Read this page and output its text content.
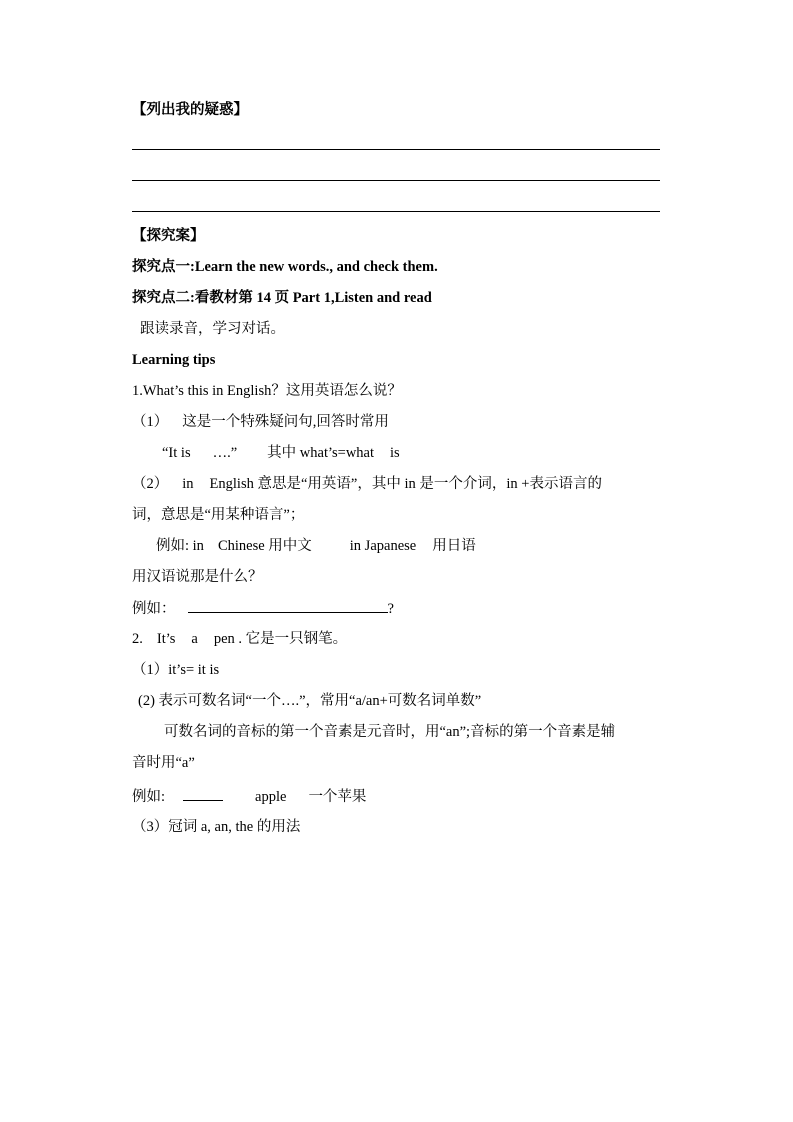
【列出我的疑惑】
【探究案】
探究点一:Learn the new words., and check them.
探究点二:看教材第 14 页 Part 1,Listen and read
跟读录音，学习对话。
Learning tips
1.What’s this in English？这用英语怎么说？
（1） 这是一个特殊疑问句,回答时常用
“It is ….” 其中 what’s=what is
（2） in English 意思是“用英语”，其中 in 是一个介词，in +表示语言的
词，意思是“用某种语言”；
例如: in Chinese 用中文	in Japanese 用日语
用汉语说那是什么？
例如：	?
2. It’s a pen . 它是一只钢笔。
（1）it’s= it is
(2) 表示可数名词“一个….”，常用“a/an+可数名词单数”
可数名词的音标的第一个音素是元音时，用“an”;音标的第一个音素是辅
音时用“a”
例如:	apple 一个苹果
（3）冠词 a, an, the 的用法
